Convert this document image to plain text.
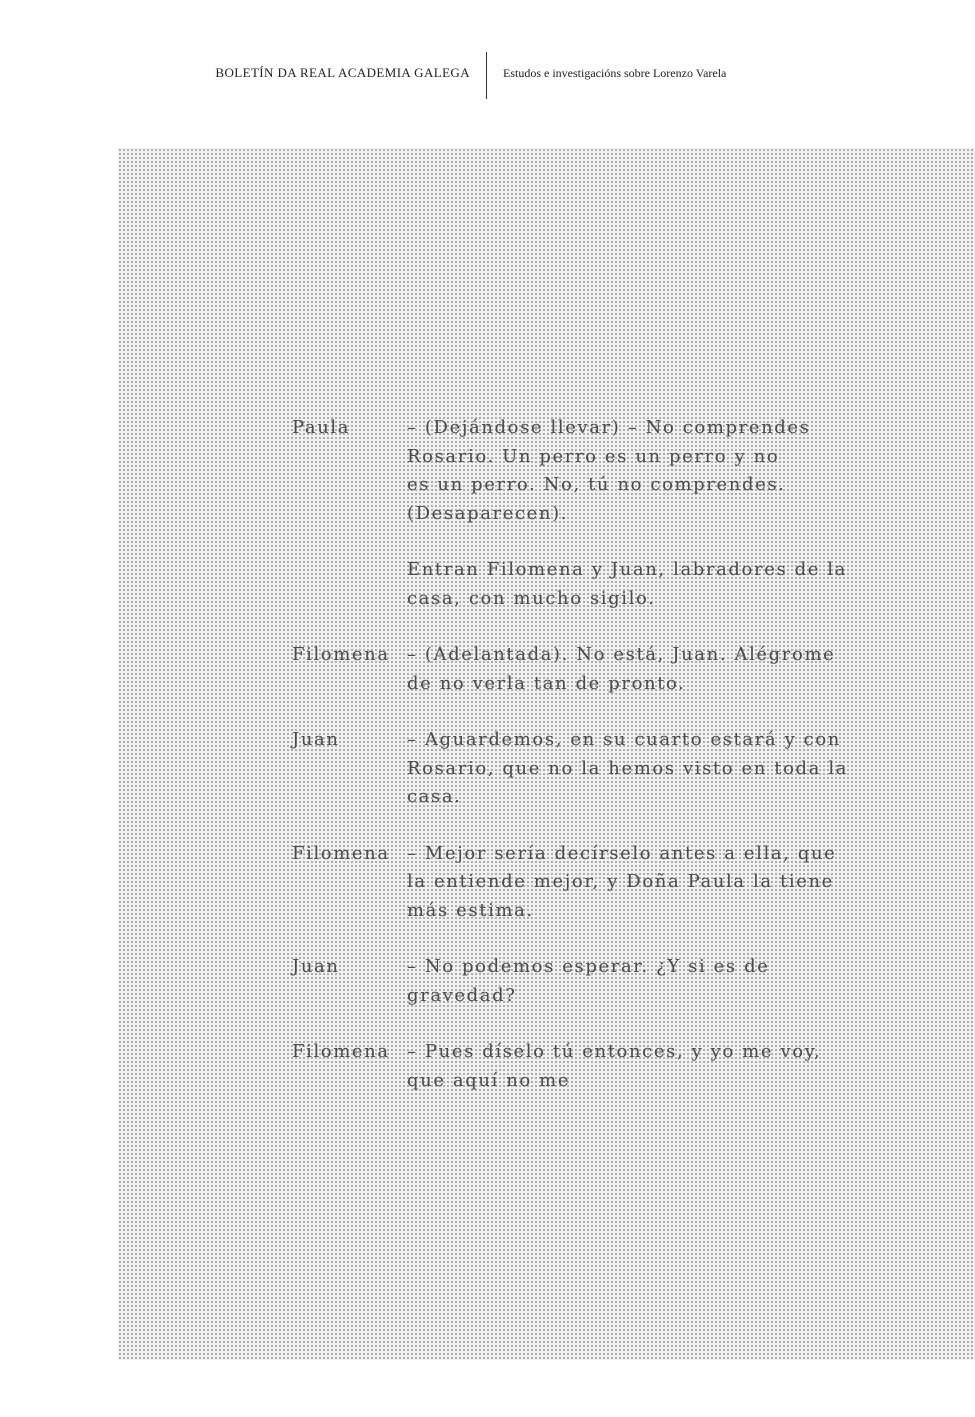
BOLETÍN DA REAL ACADEMIA GALEGA	Estudos e investigacións sobre Lorenzo Varela
Paula	– (Dejándose llevar) – No comprendes
Rosario. Un perro es un perro y no
es un perro. No, tú no comprendes.
(Desaparecen).
Entran Filomena y Juan, labradores de la
casa, con mucho sigilo.
Filomena – (Adelantada). No está, Juan. Alégrome
de no verla tan de pronto.
Juan	– Aguardemos, en su cuarto estará y con
Rosario, que no la hemos visto en toda la
casa.
Filomena – Mejor sería decírselo antes a ella, que
la entiende mejor, y Doña Paula la tiene
más estima.
Juan	– No podemos esperar. ¿Y si es de
gravedad?
Filomena – Pues díselo tú entonces, y yo me voy,
que aquí no me
